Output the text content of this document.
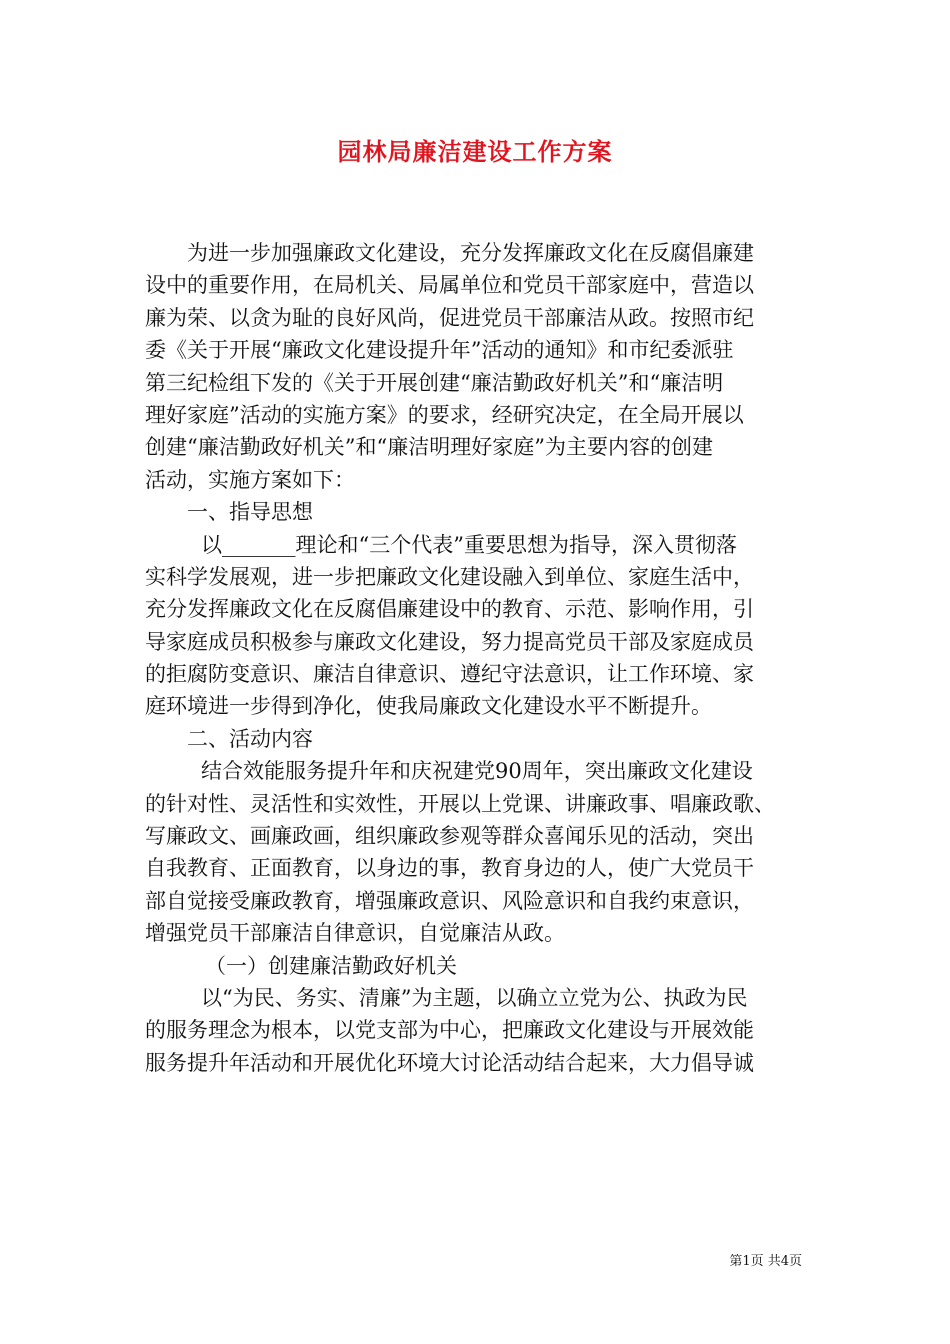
园林局廉洁建设工作方案
为进一步加强廉政文化建设，充分发挥廉政文化在反腐倡廉建
设中的重要作用，在局机关、局属单位和党员干部家庭中，营造以
廉为荣、以贪为耻的良好风尚，促进党员干部廉洁从政。按照市纪
委《关于开展“廉政文化建设提升年”活动的通知》和市纪委派驻
第三纪检组下发的《关于开展创建“廉洁勤政好机关”和“廉洁明
理好家庭”活动的实施方案》的要求，经研究决定，在全局开展以
创建“廉洁勤政好机关”和“廉洁明理好家庭”为主要内容的创建
活动，实施方案如下：
一、指导思想
以_______理论和“三个代表”重要思想为指导，深入贯彻落
实科学发展观，进一步把廉政文化建设融入到单位、家庭生活中，
充分发挥廉政文化在反腐倡廉建设中的教育、示范、影响作用，引
导家庭成员积极参与廉政文化建设，努力提高党员干部及家庭成员
的拒腐防变意识、廉洁自律意识、遵纪守法意识，让工作环境、家
庭环境进一步得到净化，使我局廉政文化建设水平不断提升。
二、活动内容
结合效能服务提升年和庆祝建党90周年，突出廉政文化建设
的针对性、灵活性和实效性，开展以上党课、讲廉政事、唱廉政歌、
写廉政文、画廉政画，组织廉政参观等群众喜闻乐见的活动，突出
自我教育、正面教育，以身边的事，教育身边的人，使广大党员干
部自觉接受廉政教育，增强廉政意识、风险意识和自我约束意识，
增强党员干部廉洁自律意识，自觉廉洁从政。
（一）创建廉洁勤政好机关
以“为民、务实、清廉”为主题，以确立立党为公、执政为民
的服务理念为根本，以党支部为中心，把廉政文化建设与开展效能
服务提升年活动和开展优化环境大讨论活动结合起来，大力倡导诚
第1页 共4页
